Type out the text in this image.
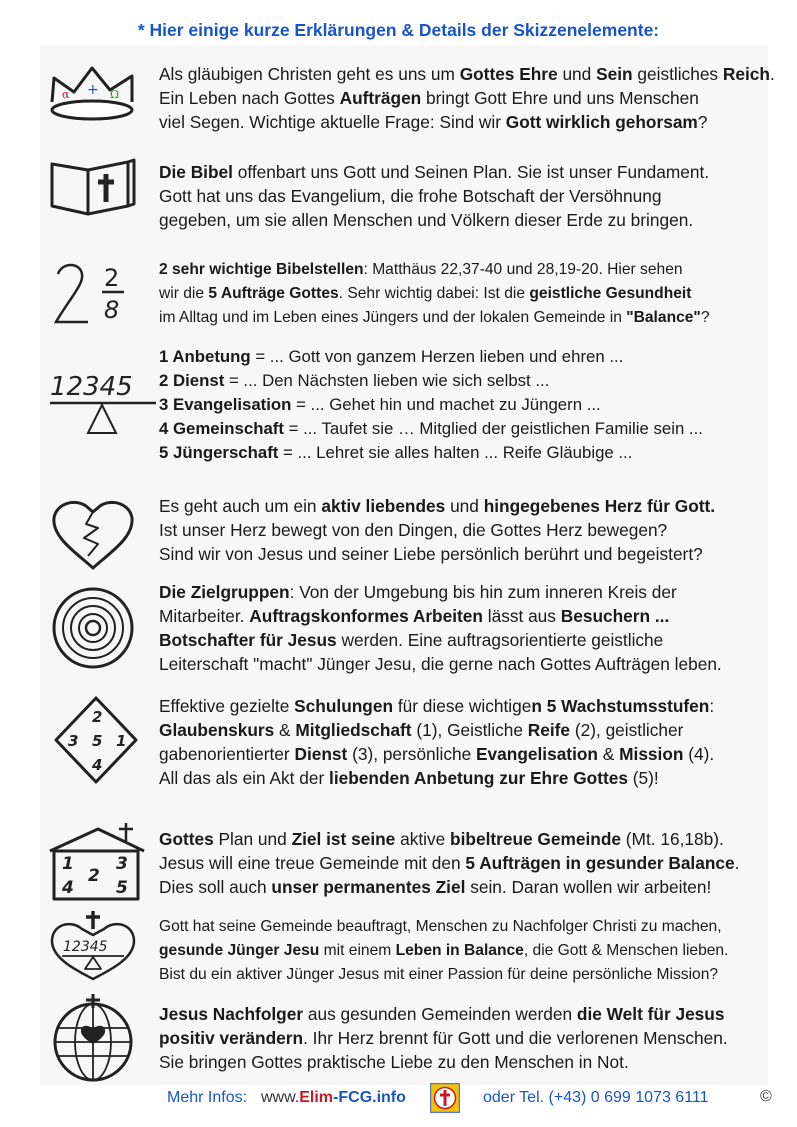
* Hier einige kurze Erklärungen & Details der Skizzenelemente:
α + Ω

Als gläubigen Christen geht es uns um Gottes Ehre und Sein geistliches Reich.

Ein Leben nach Gottes Aufträgen bringt Gott Ehre und uns Menschen

viel Segen. Wichtige aktuelle Frage: Sind wir Gott wirklich gehorsam?

Die Bibel offenbart uns Gott und Seinen Plan. Sie ist unser Fundament.

Gott hat uns das Evangelium, die frohe Botschaft der Versöhnung

gegeben, um sie allen Menschen und Völkern dieser Erde zu bringen.

2
8

2 sehr wichtige Bibelstellen: Matthäus 22,37-40 und 28,19-20. Hier sehen

wir die 5 Aufträge Gottes. Sehr wichtig dabei: Ist die geistliche Gesundheit

im Alltag und im Leben eines Jüngers und der lokalen Gemeinde in "Balance"?

12345
1 Anbetung = ... Gott von ganzem Herzen lieben und ehren ...
2 Dienst = ... Den Nächsten lieben wie sich selbst ...
3 Evangelisation = ... Gehet hin und machet zu Jüngern ...
4 Gemeinschaft = ... Taufet sie … Mitglied der geistlichen Familie sein ...
5 Jüngerschaft = ... Lehret sie alles halten ... Reife Gläubige ...

Es geht auch um ein aktiv liebendes und hingegebenes Herz für Gott.

Ist unser Herz bewegt von den Dingen, die Gottes Herz bewegen?

Sind wir von Jesus und seiner Liebe persönlich berührt und begeistert?

Die Zielgruppen: Von der Umgebung bis hin zum inneren Kreis der

Mitarbeiter. Auftragskonformes Arbeiten lässt aus Besuchern ...

Botschafter für Jesus werden. Eine auftragsorientierte geistliche

Leiterschaft "macht" Jünger Jesu, die gerne nach Gottes Aufträgen leben.

2
3 5 1
4

Effektive gezielte Schulungen für diese wichtigen 5 Wachstumsstufen:

Glaubenskurs & Mitgliedschaft (1), Geistliche Reife (2), geistlicher

gabenorientierter Dienst (3), persönliche Evangelisation & Mission (4).

All das als ein Akt der liebenden Anbetung zur Ehre Gottes (5)!

1 3
2
4 5

Gottes Plan und Ziel ist seine aktive bibeltreue Gemeinde (Mt. 16,18b).

Jesus will eine treue Gemeinde mit den 5 Aufträgen in gesunder Balance.

Dies soll auch unser permanentes Ziel sein. Daran wollen wir arbeiten!

12345

Gott hat seine Gemeinde beauftragt, Menschen zu Nachfolger Christi zu machen,

gesunde Jünger Jesu mit einem Leben in Balance, die Gott & Menschen lieben.

Bist du ein aktiver Jünger Jesus mit einer Passion für deine persönliche Mission?

Jesus Nachfolger aus gesunden Gemeinden werden die Welt für Jesus

positiv verändern. Ihr Herz brennt für Gott und die verlorenen Menschen.

Sie bringen Gottes praktische Liebe zu den Menschen in Not.

Mehr Infos: www.Elim-FCG.info	oder Tel. (+43) 0 699 1073 6111	©
